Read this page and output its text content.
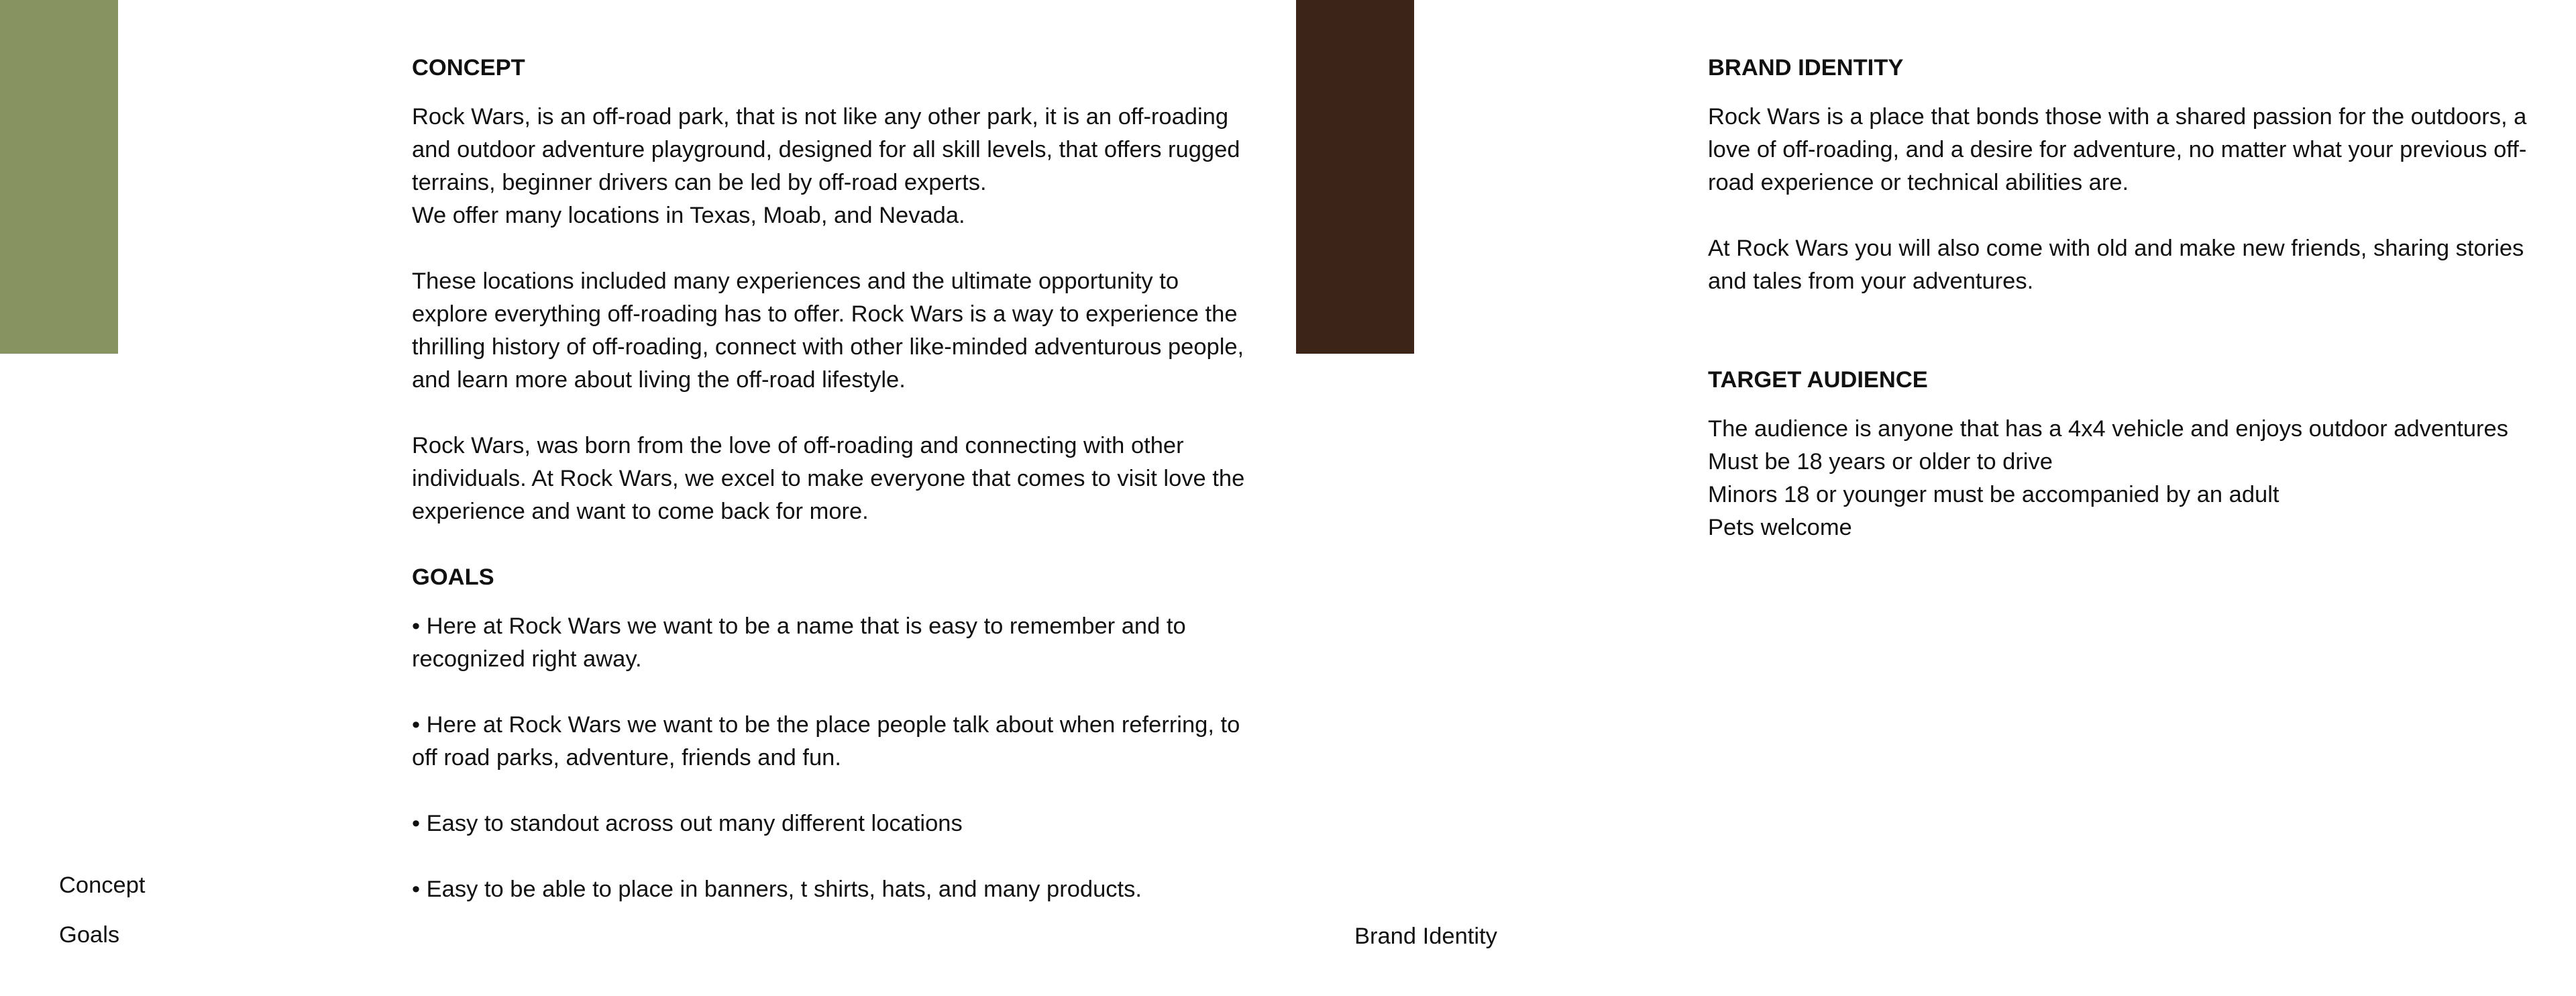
CONCEPT

Rock Wars, is an off-road park, that is not like any other park, it is an off-roading
and outdoor adventure playground, designed for all skill levels, that offers rugged
terrains, beginner drivers can be led by off-road experts.
We offer many locations in Texas, Moab, and Nevada.

These locations included many experiences and the ultimate opportunity to
explore everything off-roading has to offer. Rock Wars is a way to experience the
thrilling history of off-roading, connect with other like-minded adventurous people,
and learn more about living the off-road lifestyle.

Rock Wars, was born from the love of off-roading and connecting with other
individuals. At Rock Wars, we excel to make everyone that comes to visit love the
experience and want to come back for more.

GOALS

• Here at Rock Wars we want to be a name that is easy to remember and to
recognized right away.

• Here at Rock Wars we want to be the place people talk about when referring, to
off road parks, adventure, friends and fun.

• Easy to standout across out many different locations

• Easy to be able to place in banners, t shirts, hats, and many products.

BRAND IDENTITY

Rock Wars is a place that bonds those with a shared passion for the outdoors, a
love of off-roading, and a desire for adventure, no matter what your previous off-
road experience or technical abilities are.

At Rock Wars you will also come with old and make new friends, sharing stories
and tales from your adventures.

TARGET AUDIENCE

The audience is anyone that has a 4x4 vehicle and enjoys outdoor adventures
Must be 18 years or older to drive
Minors 18 or younger must be accompanied by an adult
Pets welcome

Concept
Goals	Brand Identity
